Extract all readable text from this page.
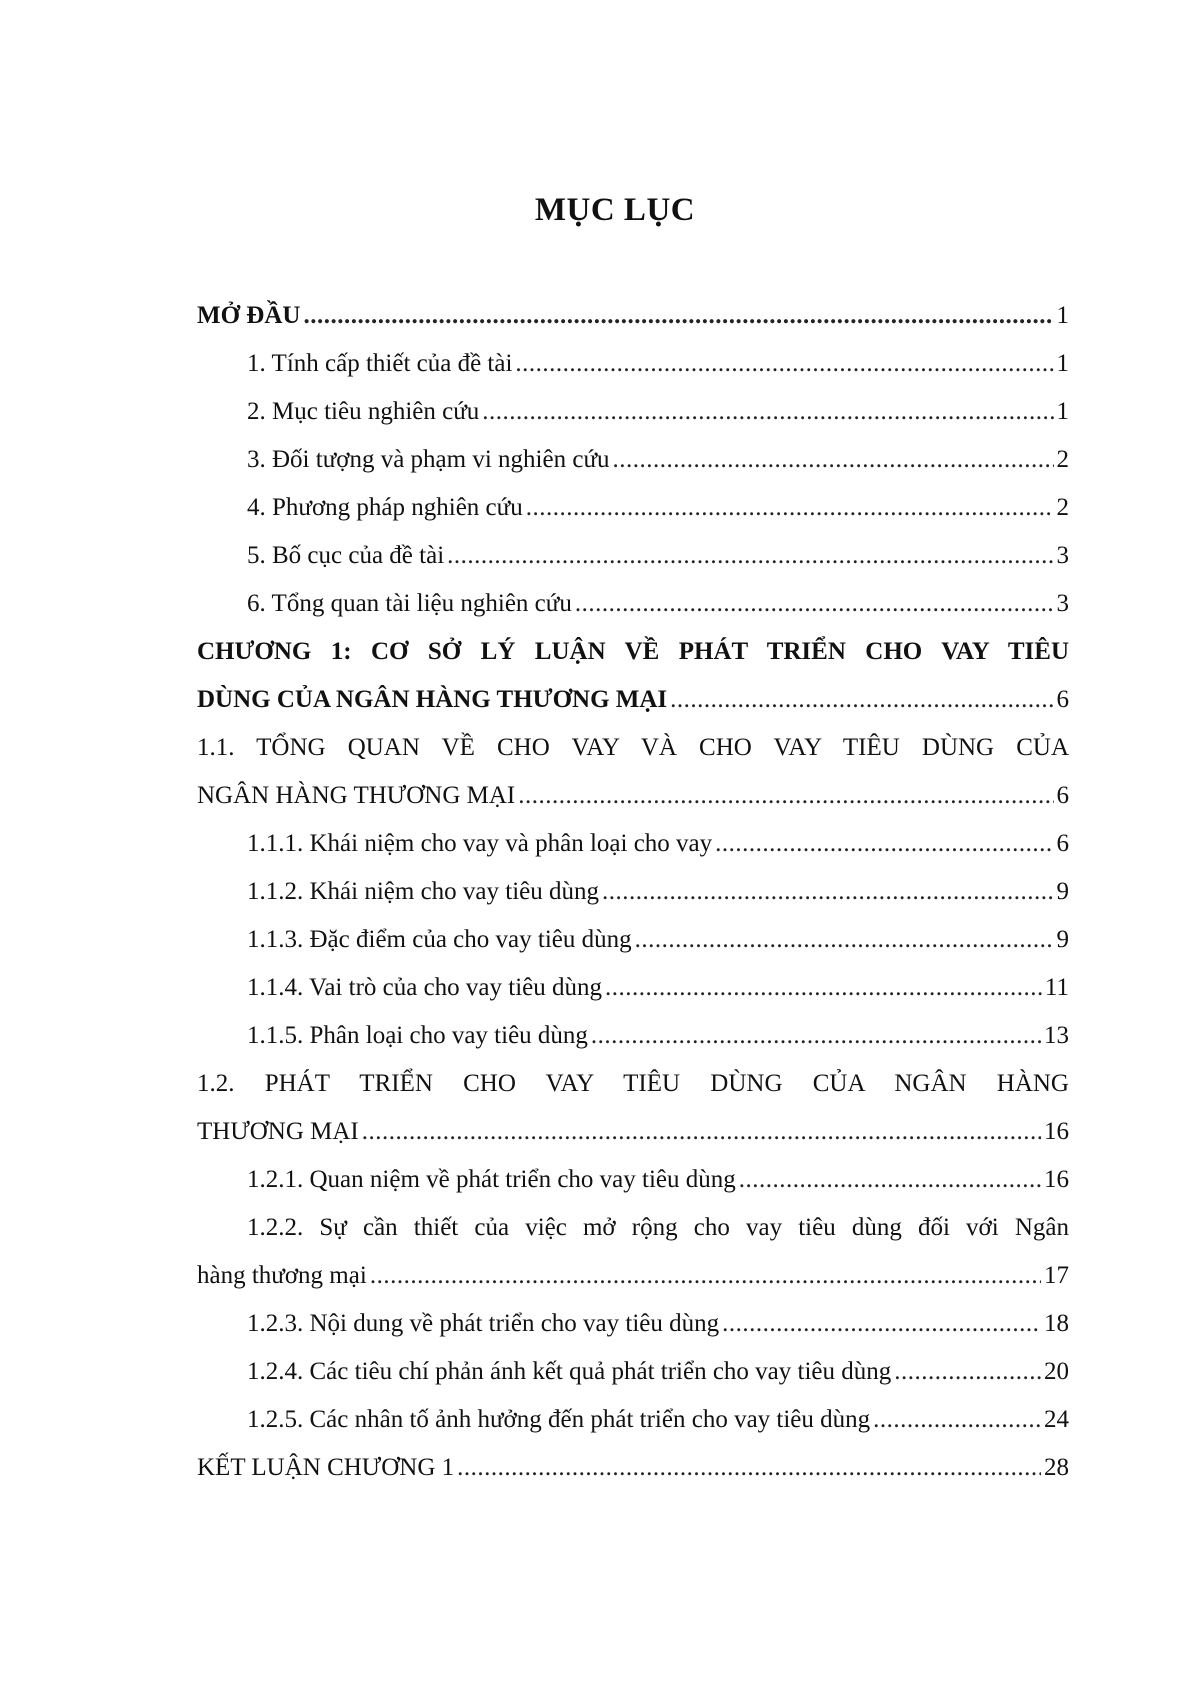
MỤC LỤC
MỞ ĐẦU .....	1
1. Tính cấp thiết của đề tài .....	1
2. Mục tiêu nghiên cứu .....	1
3. Đối tượng và phạm vi nghiên cứu .....	2
4. Phương pháp nghiên cứu .....	2
5. Bố cục của đề tài .....	3
6. Tổng quan tài liệu nghiên cứu .....	3
CHƯƠNG 1: CƠ SỞ LÝ LUẬN VỀ PHÁT TRIỂN CHO VAY TIÊU
DÙNG CỦA NGÂN HÀNG THƯƠNG MẠI .....	6
1.1. TỔNG QUAN VỀ CHO VAY VÀ CHO VAY TIÊU DÙNG CỦA
NGÂN HÀNG THƯƠNG MẠI .....	6
1.1.1. Khái niệm cho vay và phân loại cho vay .....	6
1.1.2. Khái niệm cho vay tiêu dùng .....	9
1.1.3. Đặc điểm của cho vay tiêu dùng .....	9
1.1.4. Vai trò của cho vay tiêu dùng .....	11
1.1.5. Phân loại cho vay tiêu dùng .....	13
1.2. PHÁT TRIỂN CHO VAY TIÊU DÙNG CỦA NGÂN HÀNG
THƯƠNG MẠI .....	16
1.2.1. Quan niệm về phát triển cho vay tiêu dùng .....	16
1.2.2. Sự cần thiết của việc mở rộng cho vay tiêu dùng đối với Ngân
hàng thương mại .....	17
1.2.3. Nội dung về phát triển cho vay tiêu dùng .....	18
1.2.4. Các tiêu chí phản ánh kết quả phát triển cho vay tiêu dùng .....	20
1.2.5. Các nhân tố ảnh hưởng đến phát triển cho vay tiêu dùng .....	24
KẾT LUẬN CHƯƠNG 1 .....	28
